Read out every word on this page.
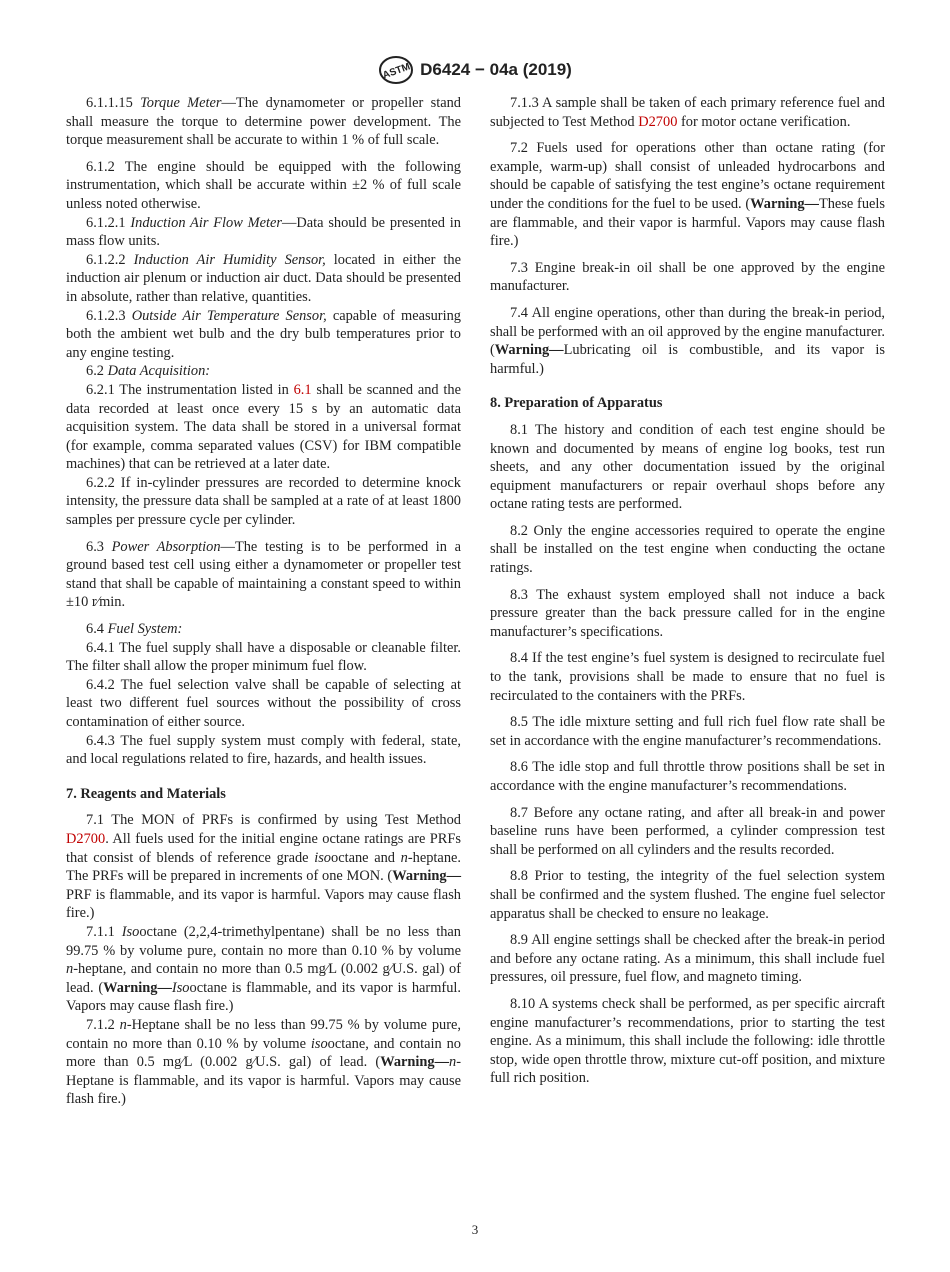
ASTM D6424 − 04a (2019)

6.1.1.15 Torque Meter—The dynamometer or propeller stand shall measure the torque to determine power development. The torque measurement shall be accurate to within 1 % of full scale.

6.1.2 The engine should be equipped with the following instrumentation, which shall be accurate within ±2 % of full scale unless noted otherwise.

6.1.2.1 Induction Air Flow Meter—Data should be presented in mass flow units.

6.1.2.2 Induction Air Humidity Sensor, located in either the induction air plenum or induction air duct. Data should be presented in absolute, rather than relative, quantities.

6.1.2.3 Outside Air Temperature Sensor, capable of measuring both the ambient wet bulb and the dry bulb temperatures prior to any engine testing.

6.2 Data Acquisition:

6.2.1 The instrumentation listed in 6.1 shall be scanned and the data recorded at least once every 15 s by an automatic data acquisition system. The data shall be stored in a universal format (for example, comma separated values (CSV) for IBM compatible machines) that can be retrieved at a later date.

6.2.2 If in-cylinder pressures are recorded to determine knock intensity, the pressure data shall be sampled at a rate of at least 1800 samples per pressure cycle per cylinder.

6.3 Power Absorption—The testing is to be performed in a ground based test cell using either a dynamometer or propeller test stand that shall be capable of maintaining a constant speed to within ±10 r⁄min.

6.4 Fuel System:

6.4.1 The fuel supply shall have a disposable or cleanable filter. The filter shall allow the proper minimum fuel flow.

6.4.2 The fuel selection valve shall be capable of selecting at least two different fuel sources without the possibility of cross contamination of either source.

6.4.3 The fuel supply system must comply with federal, state, and local regulations related to fire, hazards, and health issues.

7. Reagents and Materials

7.1 The MON of PRFs is confirmed by using Test Method D2700. All fuels used for the initial engine octane ratings are PRFs that consist of blends of reference grade isooctane and n-heptane. The PRFs will be prepared in increments of one MON. (Warning—PRF is flammable, and its vapor is harmful. Vapors may cause flash fire.)

7.1.1 Isooctane (2,2,4-trimethylpentane) shall be no less than 99.75 % by volume pure, contain no more than 0.10 % by volume n-heptane, and contain no more than 0.5 mg⁄L (0.002 g⁄U.S. gal) of lead. (Warning—Isooctane is flammable, and its vapor is harmful. Vapors may cause flash fire.)

7.1.2 n-Heptane shall be no less than 99.75 % by volume pure, contain no more than 0.10 % by volume isooctane, and contain no more than 0.5 mg⁄L (0.002 g⁄U.S. gal) of lead. (Warning—n-Heptane is flammable, and its vapor is harmful. Vapors may cause flash fire.)

7.1.3 A sample shall be taken of each primary reference fuel and subjected to Test Method D2700 for motor octane verification.

7.2 Fuels used for operations other than octane rating (for example, warm-up) shall consist of unleaded hydrocarbons and should be capable of satisfying the test engine’s octane requirement under the conditions for the fuel to be used. (Warning—These fuels are flammable, and their vapor is harmful. Vapors may cause flash fire.)

7.3 Engine break-in oil shall be one approved by the engine manufacturer.

7.4 All engine operations, other than during the break-in period, shall be performed with an oil approved by the engine manufacturer. (Warning—Lubricating oil is combustible, and its vapor is harmful.)

8. Preparation of Apparatus

8.1 The history and condition of each test engine should be known and documented by means of engine log books, test run sheets, and any other documentation issued by the original equipment manufacturers or repair overhaul shops before any octane rating tests are performed.

8.2 Only the engine accessories required to operate the engine shall be installed on the test engine when conducting the octane ratings.

8.3 The exhaust system employed shall not induce a back pressure greater than the back pressure called for in the engine manufacturer’s specifications.

8.4 If the test engine’s fuel system is designed to recirculate fuel to the tank, provisions shall be made to ensure that no fuel is recirculated to the containers with the PRFs.

8.5 The idle mixture setting and full rich fuel flow rate shall be set in accordance with the engine manufacturer’s recommendations.

8.6 The idle stop and full throttle throw positions shall be set in accordance with the engine manufacturer’s recommendations.

8.7 Before any octane rating, and after all break-in and power baseline runs have been performed, a cylinder compression test shall be performed on all cylinders and the results recorded.

8.8 Prior to testing, the integrity of the fuel selection system shall be confirmed and the system flushed. The engine fuel selector apparatus shall be checked to ensure no leakage.

8.9 All engine settings shall be checked after the break-in period and before any octane rating. As a minimum, this shall include fuel pressures, oil pressure, fuel flow, and magneto timing.

8.10 A systems check shall be performed, as per specific aircraft engine manufacturer’s recommendations, prior to starting the test engine. As a minimum, this shall include the following: idle throttle stop, wide open throttle throw, mixture cut-off position, and mixture full rich position.

3
